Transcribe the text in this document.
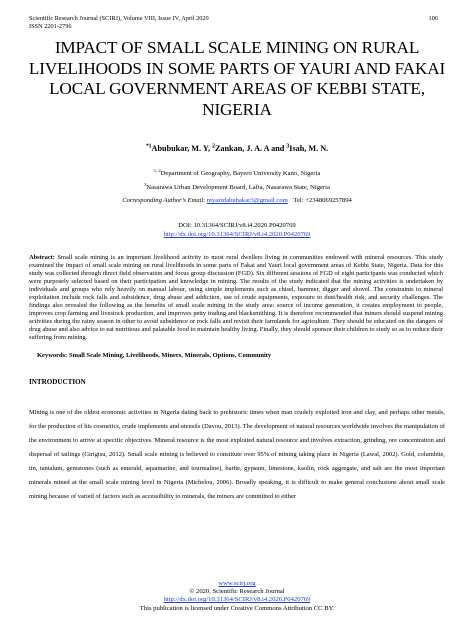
Scientific Research Journal (SCIRJ), Volume VIII, Issue IV, April 2020
ISSN 2201-2796
106
IMPACT OF SMALL SCALE MINING ON RURAL LIVELIHOODS IN SOME PARTS OF YAURI AND FAKAI LOCAL GOVERNMENT AREAS OF KEBBI STATE, NIGERIA
$^{*1}$Abubukar, M. Y, $^2$Zankan, J. A. A and $^3$Isah, M. N.
$^{1, 2}$Department of Geography, Bayero University Kano, Nigeria
$^3$Nasarawa Urban Development Board, Lafia, Nasarawa State, Nigeria
Corresponding Author’s Email: myazidabubakar3@gmail.com Tel: +2348069257894
DOI: 10.31364/SCIRJ/v8.i4.2020.P0420769
http://dx.doi.org/10.31364/SCIRJ/v8.i4.2020.P0420769
Abstract: Small scale mining is an important livelihood activity to most rural dwellers living in communities endowed with mineral resources. This study examined the impact of small scale mining on rural livelihoods in some parts of Fakai and Yauri local government areas of Kebbi State, Nigeria. Data for this study was collected through direct field observation and focus group discussion (FGD). Six different sessions of FGD of eight participants was conducted which were purposely selected based on their participation and knowledge in mining. The results of the study indicated that the mining activities is undertaken by individuals and groups who rely heavily on manual labour, using simple implements such as chisel, hammer, digger and shovel. The constraints to mineral exploitation include rock falls and subsidence, drug abuse and addiction, use of crude equipments, exposure to dust/health risk, and security challenges. The findings also revealed the following as the benefits of small scale mining in the study area: source of income generation, it creates employment to people, improves crop farming and livestock production, and improves petty trading and blacksmithing. It is therefore recommended that miners should suspend mining activities during the rainy season in other to avoid subsidence or rock falls and revisit their farmlands for agriculture. They should be educated on the dangers of drug abuse and also advice to eat nutritious and palatable food to maintain healthy living. Finally, they should sponsor their children to study so as to reduce their suffering from mining.
Keywords: Small Scale Mining, Livelihoods, Miners, Minerals, Options, Community
INTRODUCTION
Mining is one of the oldest economic activities in Nigeria dating back to prehistoric times when man crudely exploited iron and clay, and perhaps other metals, for the production of his cosmetics, crude implements and utensils (Davou, 2013). The development of natural resources worldwide involves the manipulation of the environment to arrive at specific objectives. Mineral resource is the most exploited natural resource and involves extraction, grinding, ore concentration and dispersal of tailings (Girigisu, 2012). Small scale mining is believed to constitute over 95% of mining taking place in Nigeria (Lawal, 2002). Gold, columbite, tin, tantalum, gemstones (such as emerald, aquamarine, and tourmaline), barite, gypsum, limestone, kaolin, rock aggregate, and salt are the most important minerals mined at the small scale mining level in Nigeria (Michelou, 2006). Broadly speaking, it is difficult to make general conclusions about small scale mining because of varied of factors such as accessibility to minerals, the miners are committed to either
www.scirj.org
© 2020, Scientific Research Journal
http://dx.doi.org/10.31364/SCIRJ/v8.i4.2020.P0420769
This publication is licensed under Creative Commons Attribution CC BY.
